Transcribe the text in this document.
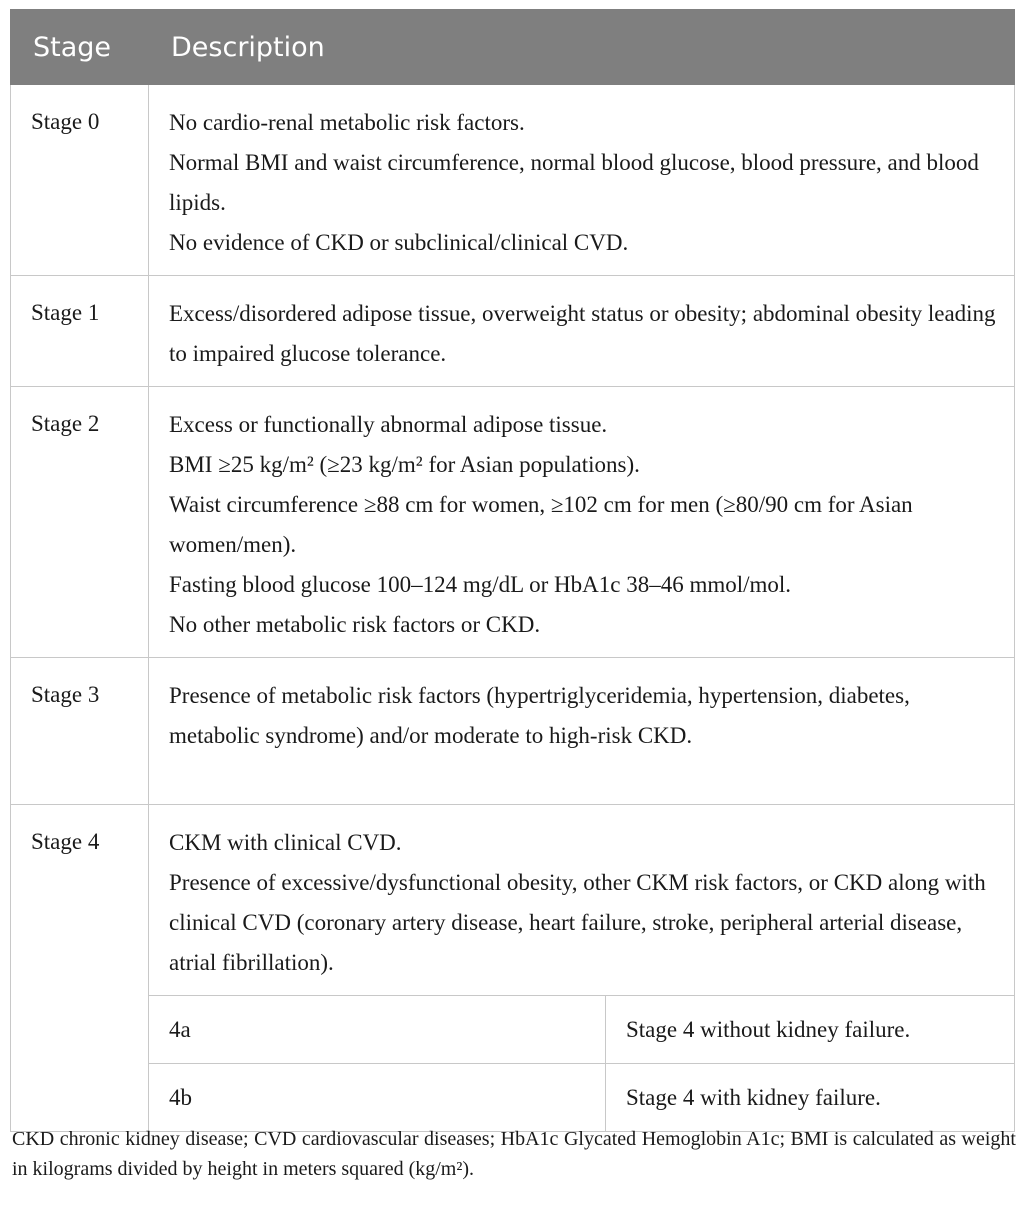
Stage	Description	
Stage 0	No cardio-renal metabolic risk factors.
Normal BMI and waist circumference, normal blood glucose, blood pressure, and blood lipids.
No evidence of CKD or subclinical/clinical CVD.	

Stage 1	Excess/disordered adipose tissue, overweight status or obesity; abdominal obesity leading to impaired glucose tolerance.	

Stage 2	Excess or functionally abnormal adipose tissue.
BMI ≥25 kg/m² (≥23 kg/m² for Asian populations).
Waist circumference ≥88 cm for women, ≥102 cm for men (≥80/90 cm for Asian women/men).
Fasting blood glucose 100–124 mg/dL or HbA1c 38–46 mmol/mol.
No other metabolic risk factors or CKD.	

Stage 3	Presence of metabolic risk factors (hypertriglyceridemia, hypertension, diabetes, metabolic syndrome) and/or moderate to high-risk CKD.	

Stage 4	CKM with clinical CVD.
Presence of excessive/dysfunctional obesity, other CKM risk factors, or CKD along with clinical CVD (coronary artery disease, heart failure, stroke, peripheral arterial disease, atrial fibrillation).	

	4a	Stage 4 without kidney failure.
	4b	Stage 4 with kidney failure.
CKD chronic kidney disease; CVD cardiovascular diseases; HbA1c Glycated Hemoglobin A1c; BMI is calculated as weight in kilograms divided by height in meters squared (kg/m²).
